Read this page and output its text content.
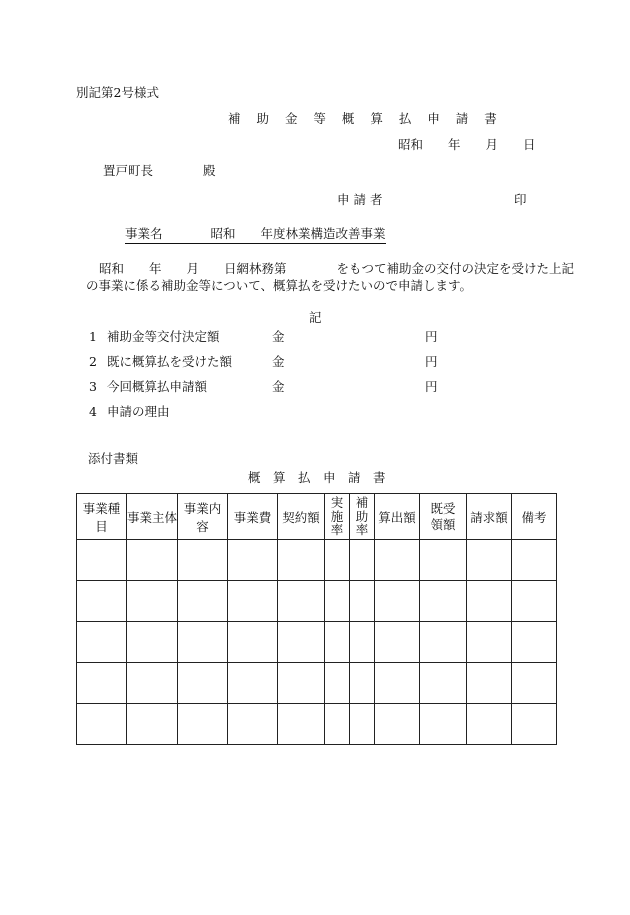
別記第2号様式
補 助 金 等 概 算 払 申 請 書
昭和　　年　　月　　日
置戸町長　　　　殿
申 請 者	印
事業名	昭和　　年度林業構造改善事業
昭和　　年　　月　　日網林務第　　　　をもつて補助金の交付の決定を受けた上記
の事業に係る補助金等について、概算払を受けたいので申請します。
記
1 補助金等交付決定額	金	円
2 既に概算払を受けた額	金	円
3 今回概算払申請額	金	円
4 申請の理由
添付書類
概　算　払　申　請　書
事業種目	事業主体	事業内容	事業費	契約額	実施率	補助率	算出額	既受領額	請求額	備考
